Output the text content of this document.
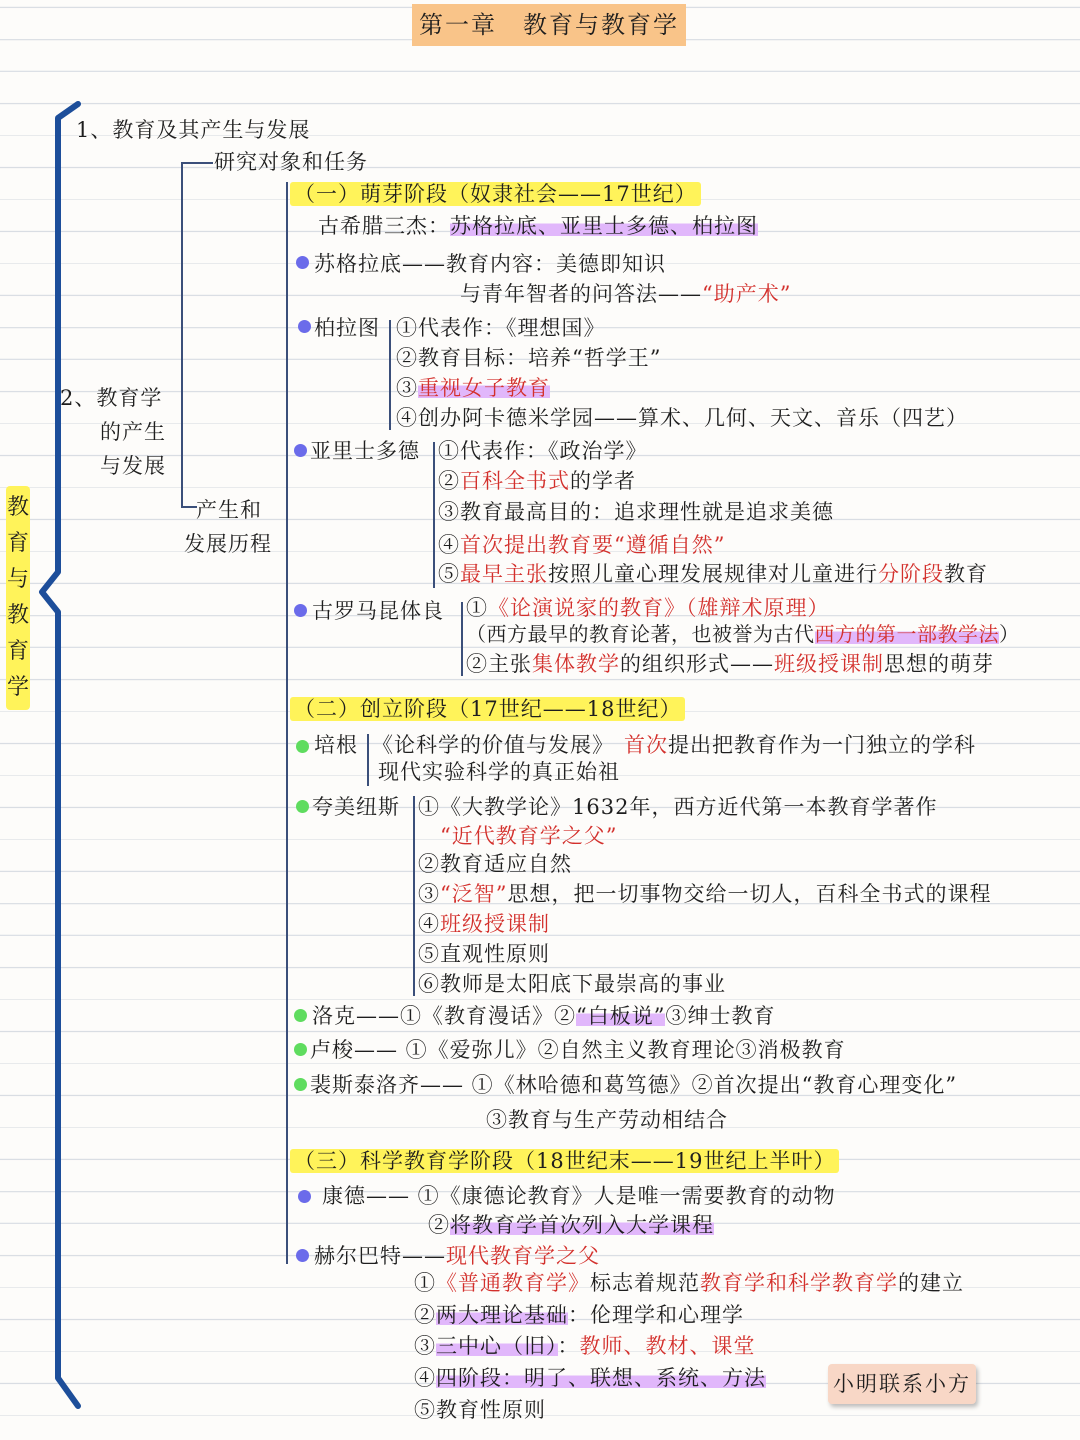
第一章　教育与教育学
教育与教育学
1、教育及其产生与发展
2、教育学
的产生
与发展
研究对象和任务
产生和
发展历程
（一）萌芽阶段（奴隶社会——17世纪）
古希腊三杰：苏格拉底、亚里士多德、柏拉图
苏格拉底——教育内容：美德即知识
与青年智者的问答法——“助产术”
柏拉图 ①代表作：《理想国》
②教育目标：培养“哲学王”
③重视女子教育
④创办阿卡德米学园——算术、几何、天文、音乐（四艺）
亚里士多德 ①代表作：《政治学》
②百科全书式的学者
③教育最高目的：追求理性就是追求美德
④首次提出教育要“遵循自然”
⑤最早主张按照儿童心理发展规律对儿童进行分阶段教育
古罗马昆体良 ①《论演说家的教育》（雄辩术原理）
（西方最早的教育论著，也被誉为古代西方的第一部教学法）
②主张集体教学的组织形式——班级授课制思想的萌芽
（二）创立阶段（17世纪——18世纪）
培根 《论科学的价值与发展》 首次提出把教育作为一门独立的学科
现代实验科学的真正始祖
夸美纽斯 ①《大教学论》1632年，西方近代第一本教育学著作
“近代教育学之父”
②教育适应自然
③“泛智”思想，把一切事物交给一切人，百科全书式的课程
④班级授课制
⑤直观性原则
⑥教师是太阳底下最崇高的事业
洛克——①《教育漫话》②“白板说”③绅士教育
卢梭—— ①《爱弥儿》②自然主义教育理论③消极教育
裴斯泰洛齐—— ①《林哈德和葛笃德》②首次提出“教育心理变化”
③教育与生产劳动相结合
（三）科学教育学阶段（18世纪末——19世纪上半叶）
康德—— ①《康德论教育》人是唯一需要教育的动物
②将教育学首次列入大学课程
赫尔巴特——现代教育学之父
①《普通教育学》标志着规范教育学和科学教育学的建立
②两大理论基础：伦理学和心理学
③三中心（旧）：教师、教材、课堂
④四阶段：明了、联想、系统、方法
⑤教育性原则
小明联系小方
